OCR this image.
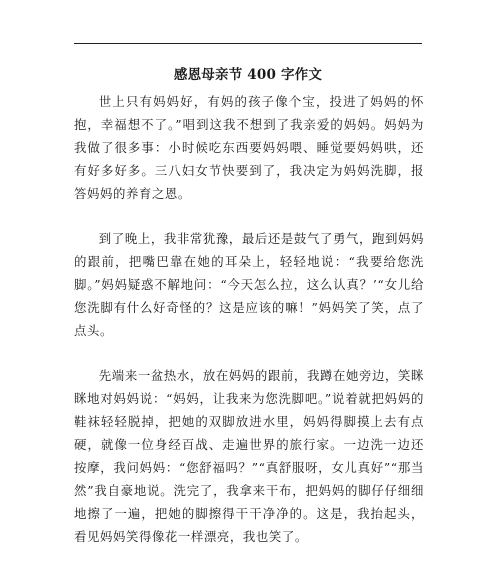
感恩母亲节 400 字作文

世上只有妈妈好，有妈的孩子像个宝，投进了妈妈的怀抱，幸福想不了。”唱到这我不想到了我亲爱的妈妈。妈妈为我做了很多事：小时候吃东西要妈妈喂、睡觉要妈妈哄，还有好多好多。三八妇女节快要到了，我决定为妈妈洗脚，报答妈妈的养育之恩。

到了晚上，我非常犹豫，最后还是鼓气了勇气，跑到妈妈的跟前，把嘴巴靠在她的耳朵上，轻轻地说：“我要给您洗脚。”妈妈疑惑不解地问：“今天怎么拉，这么认真？’“女儿给您洗脚有什么好奇怪的？这是应该的嘛！”妈妈笑了笑，点了点头。

先端来一盆热水，放在妈妈的跟前，我蹲在她旁边，笑眯眯地对妈妈说：“妈妈，让我来为您洗脚吧。”说着就把妈妈的鞋袜轻轻脱掉，把她的双脚放进水里，妈妈得脚摸上去有点硬，就像一位身经百战、走遍世界的旅行家。一边洗一边还按摩，我问妈妈：“您舒福吗？”“真舒服呀，女儿真好”“那当然”我自豪地说。洗完了，我拿来干布，把妈妈的脚仔仔细细地擦了一遍，把她的脚擦得干干净净的。这是，我抬起头，看见妈妈笑得像花一样漂亮，我也笑了。
